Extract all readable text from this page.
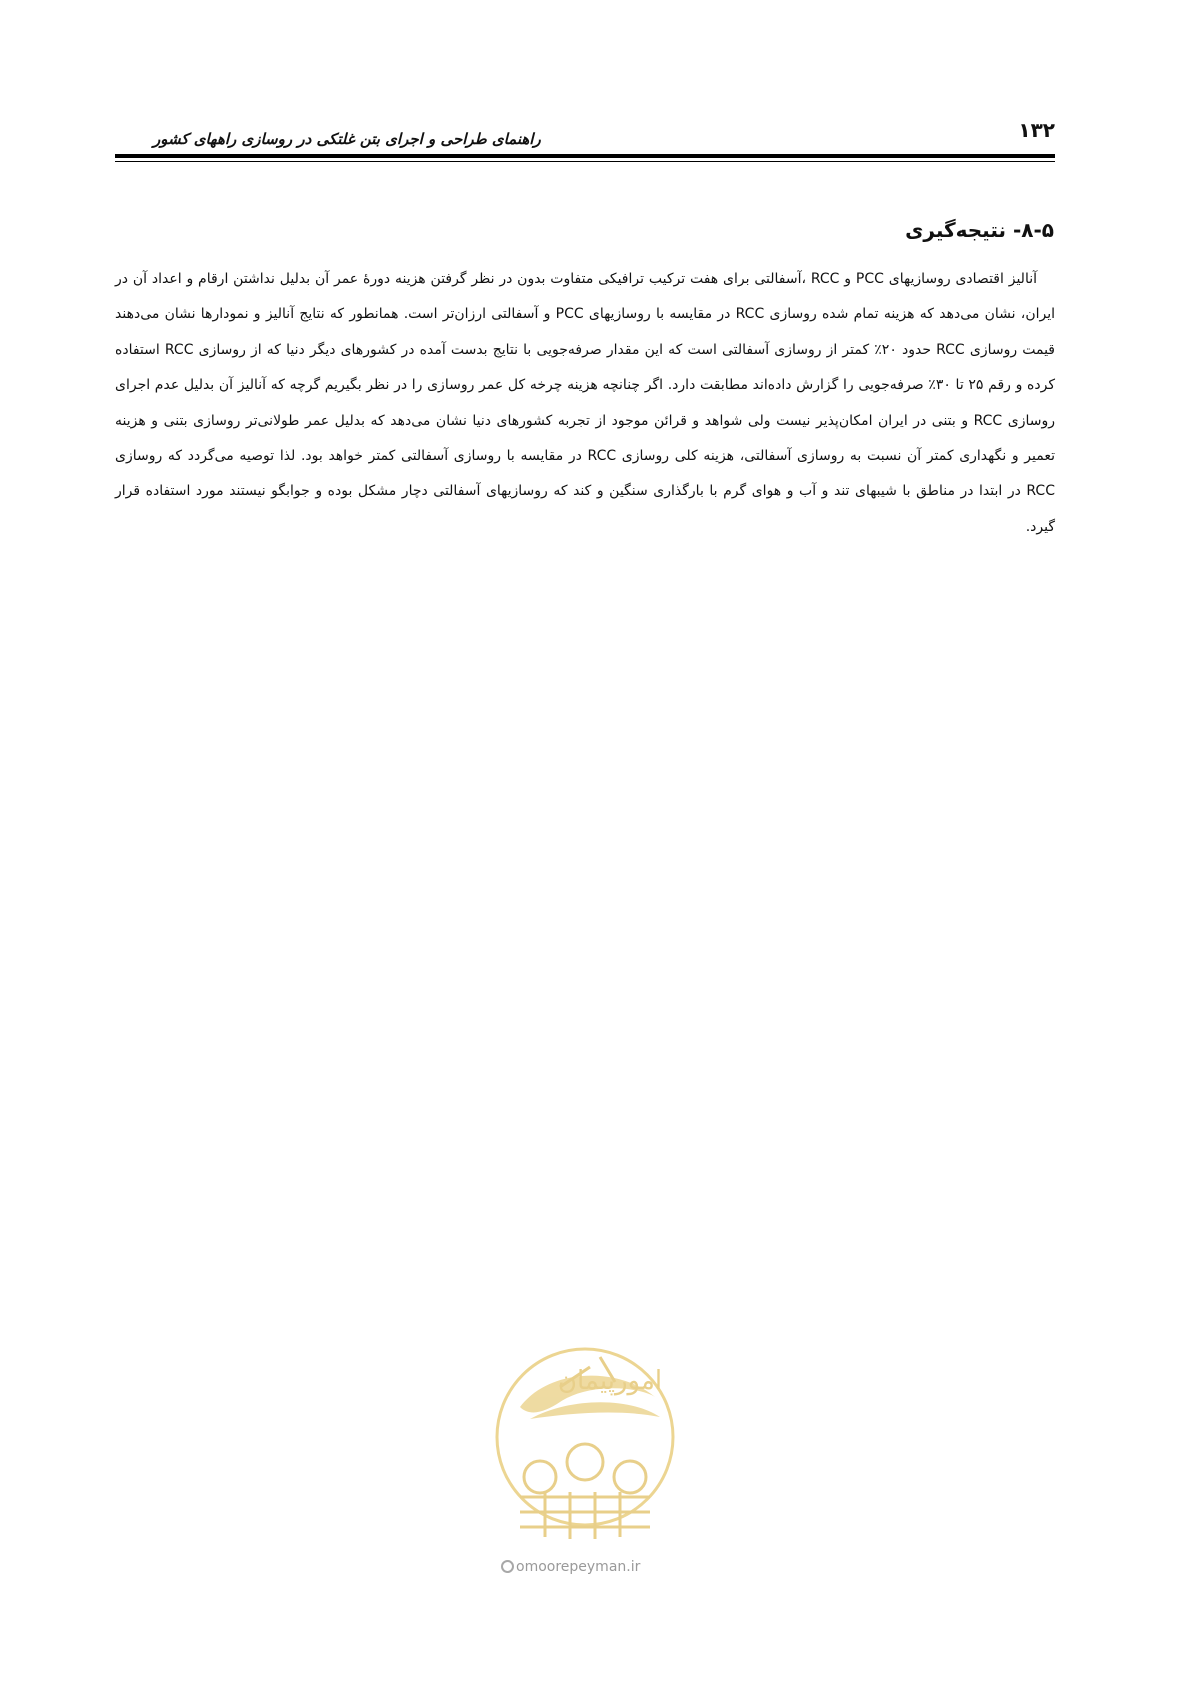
۱۳۲
راهنمای طراحی و اجرای بتن غلتکی در روسازی راههای کشور
۸-۵- نتیجه‌گیری

آنالیز اقتصادی روسازیهای PCC و RCC ،آسفالتی برای هفت ترکیب ترافیکی متفاوت بدون در نظر گرفتن هزینه دورهٔ عمر آن بدلیل نداشتن ارقام و اعداد آن در ایران، نشان می‌دهد که هزینه تمام شده روسازی RCC در مقایسه با روسازیهای PCC و آسفالتی ارزان‌تر است. همانطور که نتایج آنالیز و نمودارها نشان می‌دهند قیمت روسازی RCC حدود ۲۰٪ کمتر از روسازی آسفالتی است که این مقدار صرفه‌جویی با نتایج بدست آمده در کشورهای دیگر دنیا که از روسازی RCC استفاده کرده و رقم ۲۵ تا ۳۰٪ صرفه‌جویی را گزارش داده‌اند مطابقت دارد. اگر چنانچه هزینه چرخه کل عمر روسازی را در نظر بگیریم گرچه که آنالیز آن بدلیل عدم اجرای روسازی RCC و بتنی در ایران امکان‌پذیر نیست ولی شواهد و قرائن موجود از تجربه کشورهای دنیا نشان می‌دهد که بدلیل عمر طولانی‌تر روسازی بتنی و هزینه تعمیر و نگهداری کمتر آن نسبت به روسازی آسفالتی، هزینه کلی روسازی RCC در مقایسه با روسازی آسفالتی کمتر خواهد بود. لذا توصیه می‌گردد که روسازی RCC در ابتدا در مناطق با شیبهای تند و آب و هوای گرم با بارگذاری سنگین و کند که روسازیهای آسفالتی دچار مشکل بوده و جوابگو نیستند مورد استفاده قرار گیرد.

امورپیمان
omoorepeyman.ir
